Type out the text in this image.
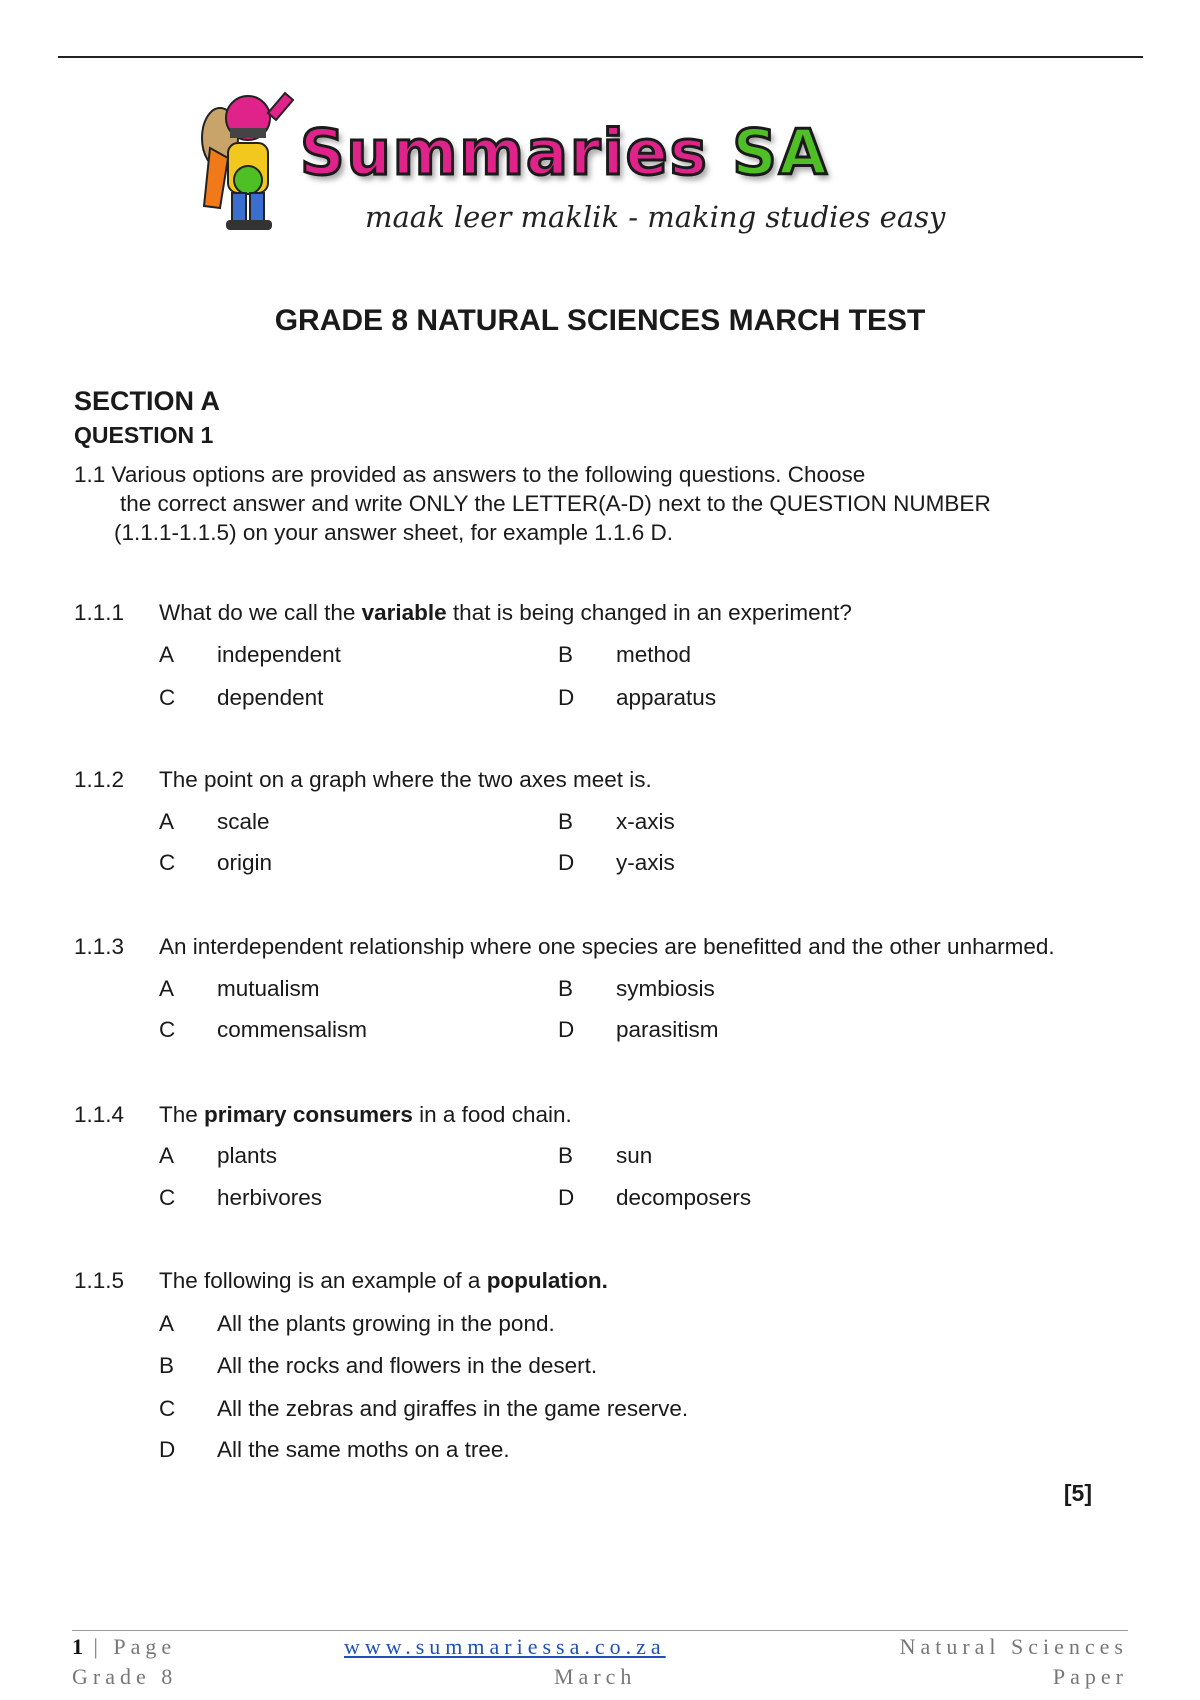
Summaries SA
maak leer maklik - making studies easy
GRADE 8 NATURAL SCIENCES MARCH TEST
SECTION A
QUESTION 1
1.1 Various options are provided as answers to the following questions. Choose
the correct answer and write ONLY the LETTER(A-D) next to the QUESTION NUMBER
(1.1.1-1.1.5) on your answer sheet, for example 1.1.6 D.
1.1.1 What do we call the variable that is being changed in an experiment?
A independent	B method
C dependent	D apparatus
1.1.2 The point on a graph where the two axes meet is.
A scale	B x-axis
C origin	D y-axis
1.1.3 An interdependent relationship where one species are benefitted and the other unharmed.
A mutualism	B symbiosis
C commensalism	D parasitism
1.1.4 The primary consumers in a food chain.
A plants	B sun
C herbivores	D decomposers
1.1.5 The following is an example of a population.
A All the plants growing in the pond.
B All the rocks and flowers in the desert.
C All the zebras and giraffes in the game reserve.
D All the same moths on a tree.
[5]
1 | Page
Grade 8
www.summariessa.co.za
March
Natural Sciences
Paper
